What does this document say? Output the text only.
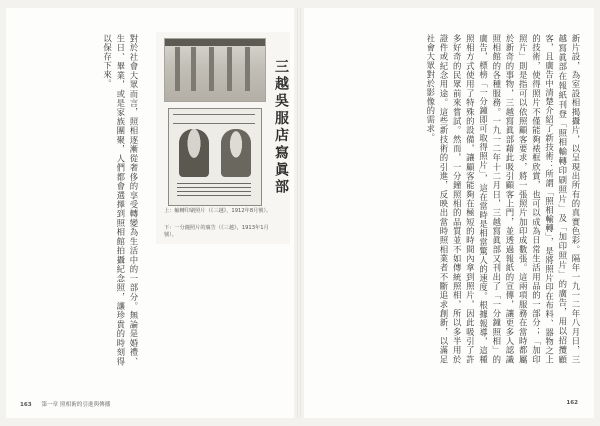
對於社會大眾而言，照相逐漸從奢侈的享受轉變為生活中的一部分。無論是婚禮、生日、畢業，或是家族團聚，人們都會選擇到照相館拍攝紀念照，讓珍貴的時刻得以保存下來。	三越吳服店寫眞部
上：輸轉印刷照片（《三越》，1912年8月號）。
下：一分鐘照片的廣告（《三越》，1913年1月號）。
163 第一章 照相術的引進與傳播
新片設，為室設相揭攝片，以呈現出所有的真實色彩。隔年一九一二年八月日，三越寫眞部在報紙刊登「照相輸轉印刷照片」及「加印照片」的廣告，用以招攬顧客，且廣告中清楚介紹了新技術：所謂「照相輸轉」，是將照片印在布料、器物之上的技術，使得照片不僅能夠裱框欣賞，也可以成為日常生活用品的一部分；「加印照片」則是指可以依照顧客要求，將一張照片加印成數張。這兩項服務在當時都屬於新奇的事物，三越寫眞部藉此吸引顧客上門，並透過報紙的宣傳，讓更多人認識照相館的各種服務。一九一二年十二月日，三越寫眞部又刊出了「一分鐘照相」的廣告，標榜「一分鐘即可取得照片」，這在當時是相當驚人的速度。根據報導，這種照相方式使用了特殊的設備，讓顧客能夠在極短的時間內拿到照片，因此吸引了許多好奇的民眾前來嘗試。然而，一分鐘照相的品質並不如傳統照相，所以多半用於證件或紀念用途。這些新技術的引進，反映出當時照相業者不斷追求創新，以滿足社會大眾對於影像的需求。
162
